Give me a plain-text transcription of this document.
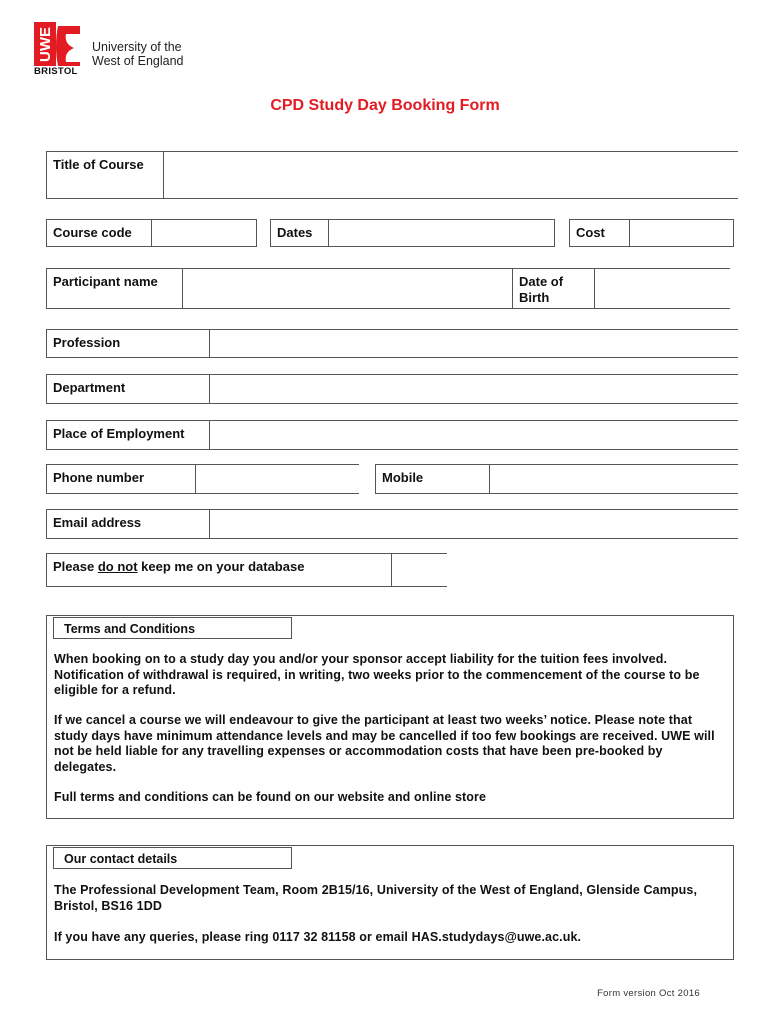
UWE
BRISTOL
University of the
West of England
CPD Study Day Booking Form
Title of Course
Course code	Dates	Cost
Participant name	Date of
Birth
Profession
Department
Place of Employment
Phone number	Mobile
Email address
Please do not keep me on your database
Terms and Conditions
When booking on to a study day you and/or your sponsor accept liability for the tuition fees involved. Notification of withdrawal is required, in writing, two weeks prior to the commencement of the course to be eligible for a refund.
If we cancel a course we will endeavour to give the participant at least two weeks’ notice. Please note that study days have minimum attendance levels and may be cancelled if too few bookings are received. UWE will not be held liable for any travelling expenses or accommodation costs that have been pre-booked by delegates.
Full terms and conditions can be found on our website and online store
Our contact details
The Professional Development Team, Room 2B15/16, University of the West of England, Glenside Campus, Bristol, BS16 1DD
If you have any queries, please ring 0117 32 81158 or email HAS.studydays@uwe.ac.uk.
Form version Oct 2016
